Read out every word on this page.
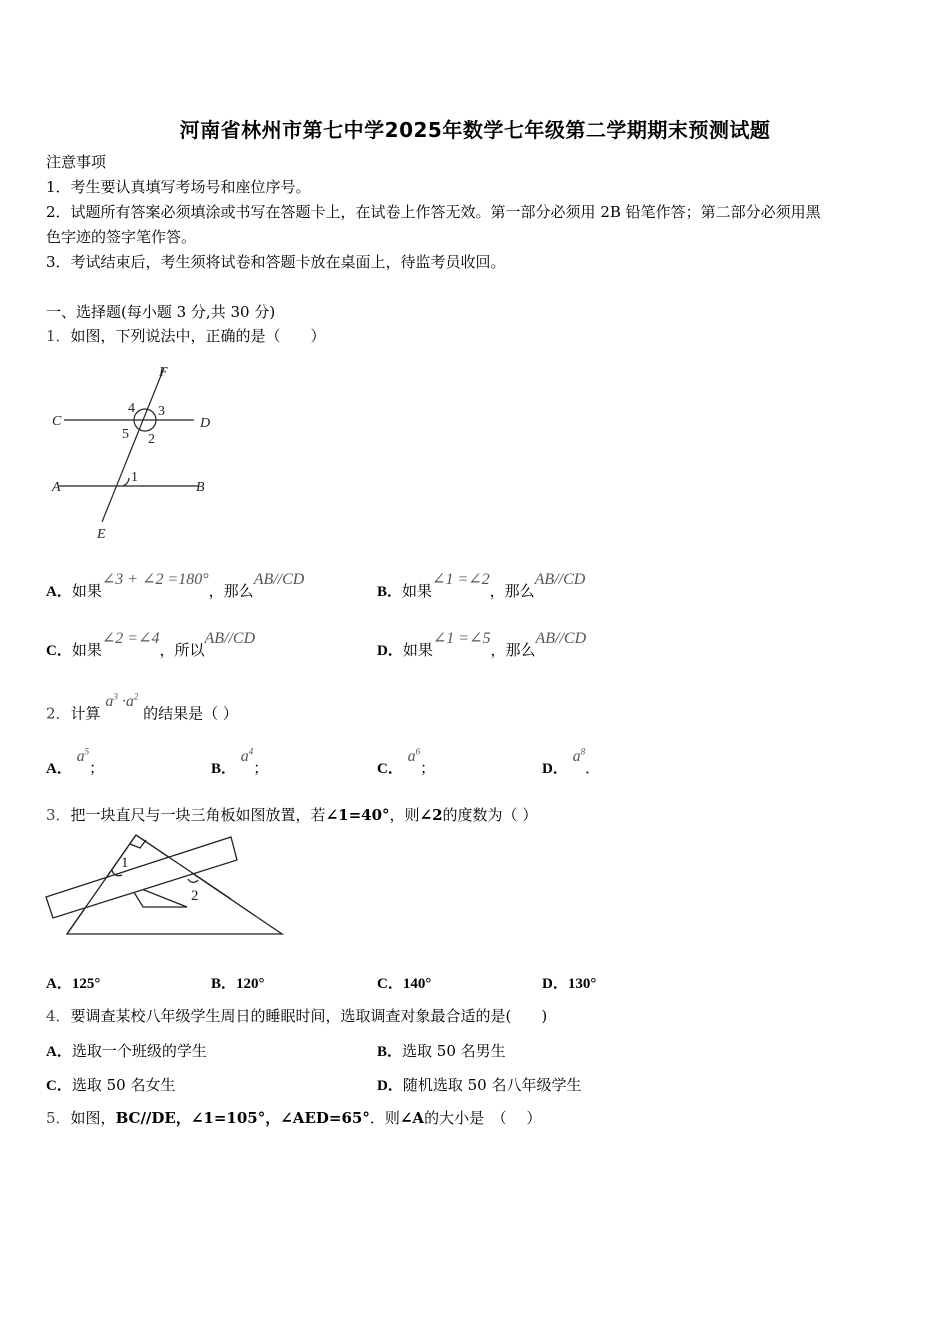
河南省林州市第七中学2025年数学七年级第二学期期末预测试题
注意事项
1．考生要认真填写考场号和座位序号。
2．试题所有答案必须填涂或书写在答题卡上，在试卷上作答无效。第一部分必须用 2B 铅笔作答；第二部分必须用黑
色字迹的签字笔作答。
3．考试结束后，考生须将试卷和答题卡放在桌面上，待监考员收回。
一、选择题(每小题 3 分,共 30 分)
1．如图，下列说法中，正确的是（　　）
F
4 3
C	D
5 2
1
A	B
E
A．如果∠3 + ∠2 =180°，那么AB//CD
B．如果∠1 =∠2，那么AB//CD
C．如果∠2 =∠4，所以AB//CD
D．如果∠1 =∠5，那么AB//CD
2．计算 $a^3 \cdot a^2$ 的结果是（ ）
A． $a^5$；	B． $a^4$；	C． $a^6$；	D． $a^8$．
3．把一块直尺与一块三角板如图放置，若∠1=40°，则∠2的度数为（ ）
1
2
A．125°	B．120°	C．140°	D．130°
4．要调查某校八年级学生周日的睡眠时间，选取调查对象最合适的是(　　)
A．选取一个班级的学生	B．选取 50 名男生
C．选取 50 名女生	D．随机选取 50 名八年级学生
5．如图，BC//DE，∠1=105°，∠AED=65°．则∠A的大小是　（　 ）
